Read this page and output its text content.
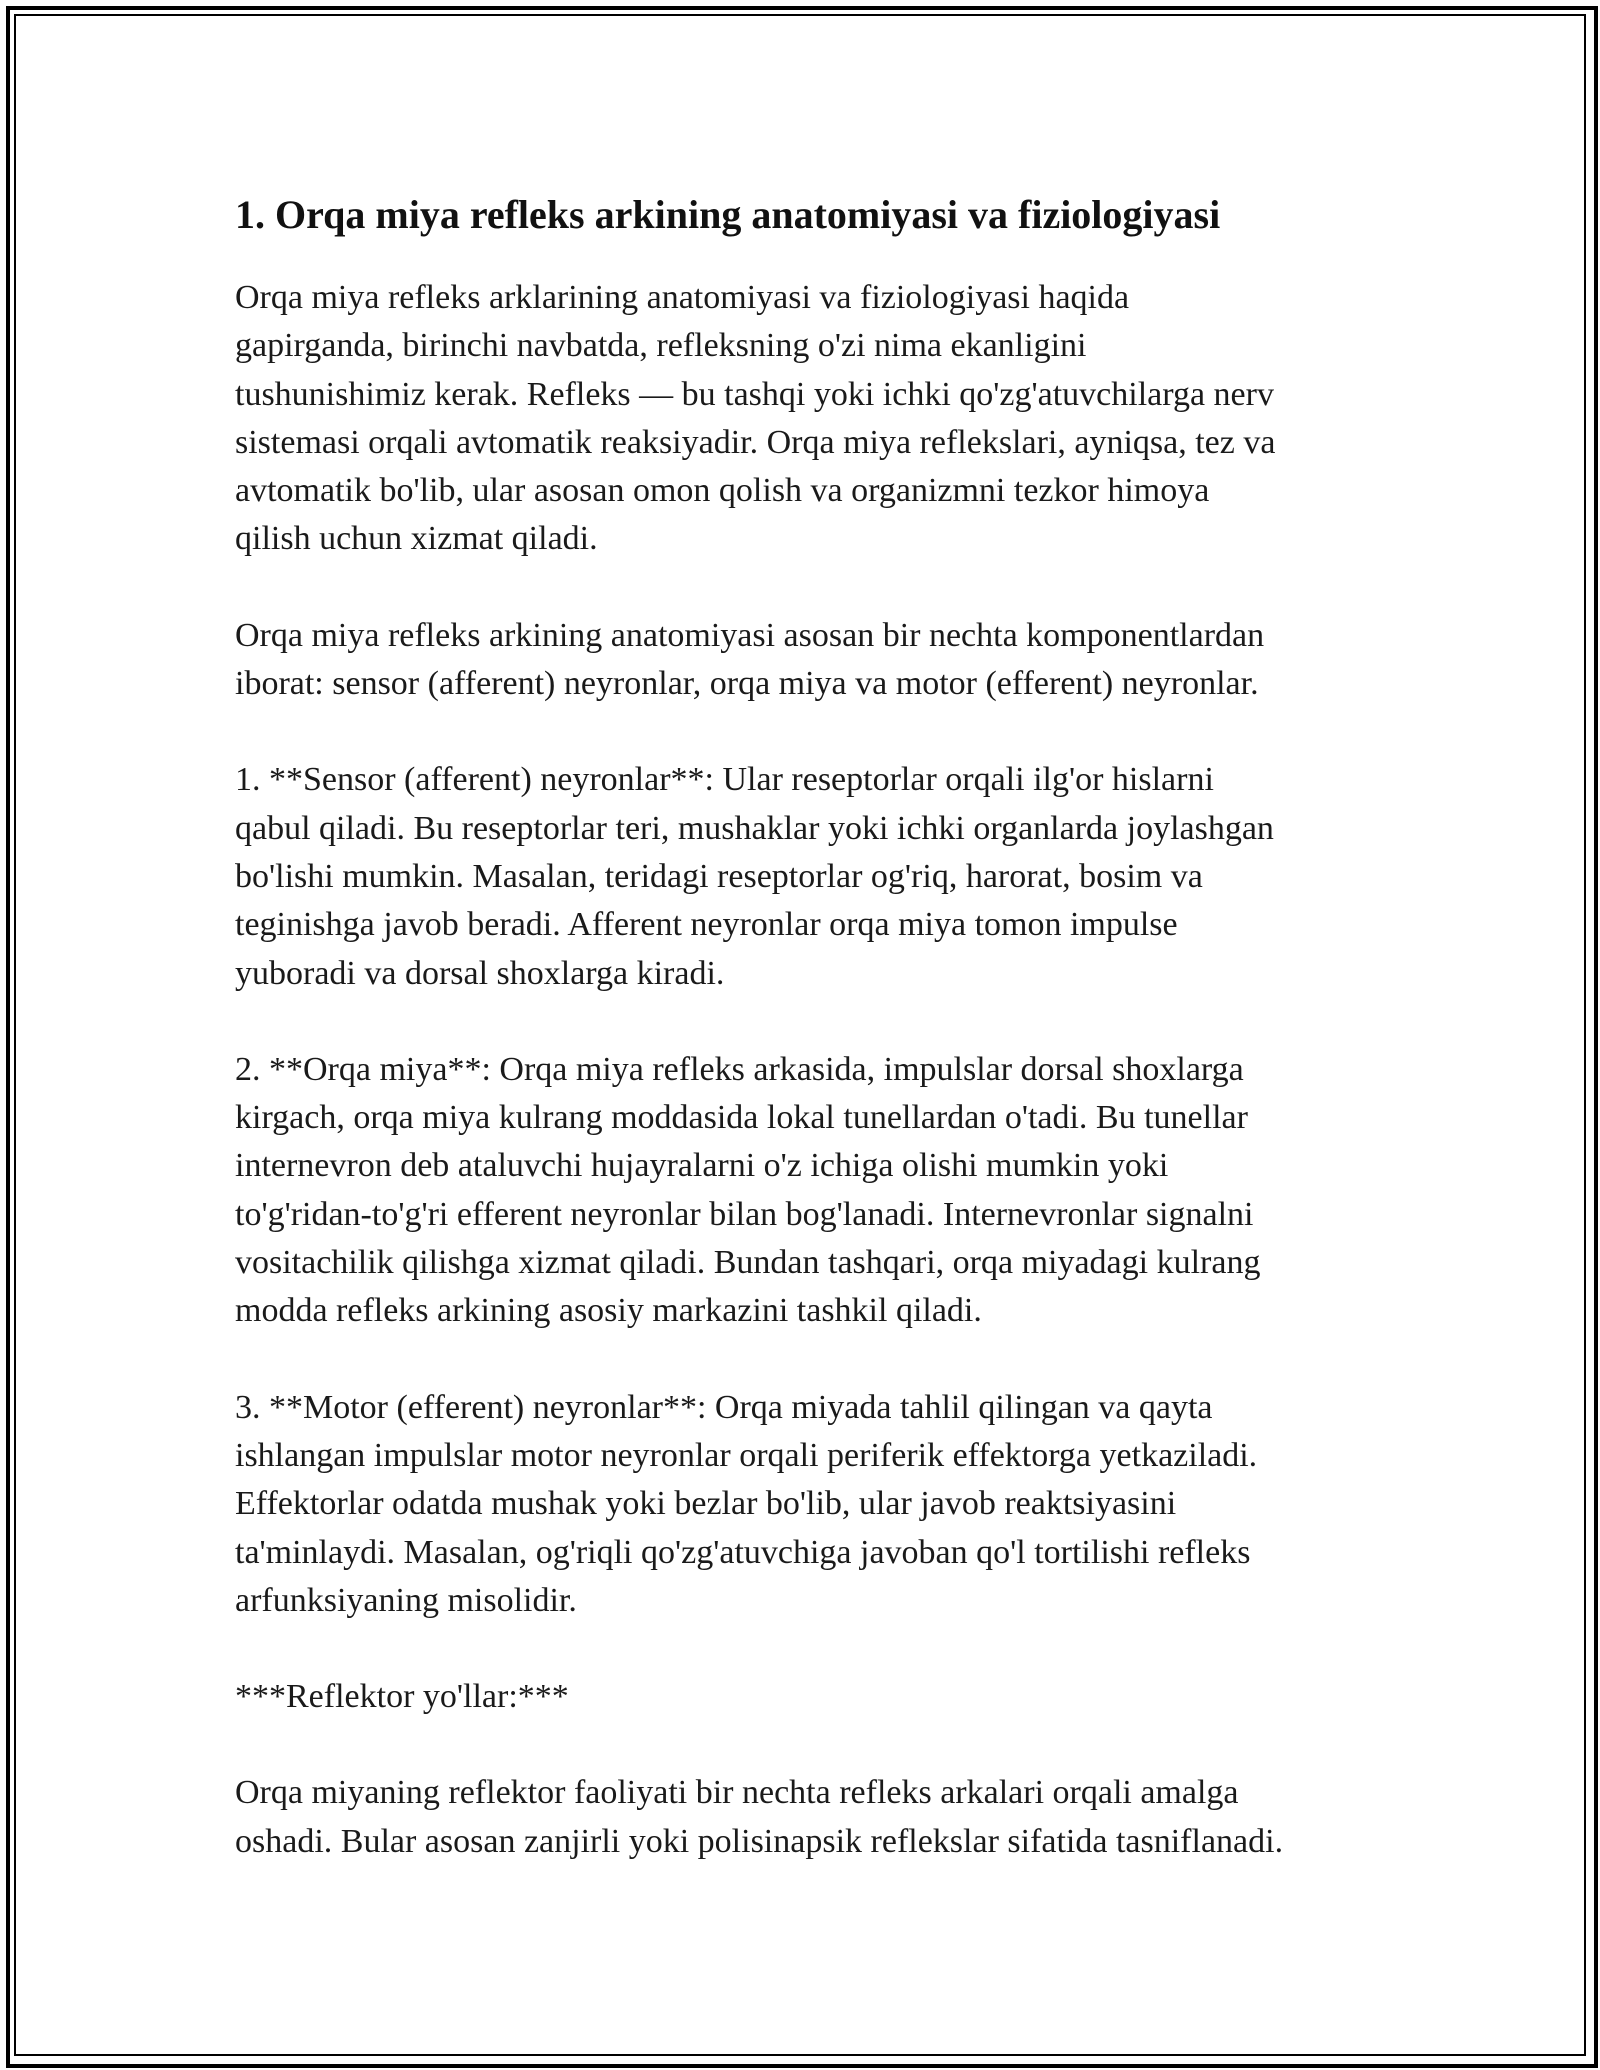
1. Orqa miya refleks arkining anatomiyasi va fiziologiyasi

Orqa miya refleks arklarining anatomiyasi va fiziologiyasi haqida
gapirganda, birinchi navbatda, refleksning o'zi nima ekanligini
tushunishimiz kerak. Refleks — bu tashqi yoki ichki qo'zg'atuvchilarga nerv
sistemasi orqali avtomatik reaksiyadir. Orqa miya reflekslari, ayniqsa, tez va
avtomatik bo'lib, ular asosan omon qolish va organizmni tezkor himoya
qilish uchun xizmat qiladi.

Orqa miya refleks arkining anatomiyasi asosan bir nechta komponentlardan
iborat: sensor (afferent) neyronlar, orqa miya va motor (efferent) neyronlar.

1. **Sensor (afferent) neyronlar**: Ular reseptorlar orqali ilg'or hislarni
qabul qiladi. Bu reseptorlar teri, mushaklar yoki ichki organlarda joylashgan
bo'lishi mumkin. Masalan, teridagi reseptorlar og'riq, harorat, bosim va
teginishga javob beradi. Afferent neyronlar orqa miya tomon impulse
yuboradi va dorsal shoxlarga kiradi.

2. **Orqa miya**: Orqa miya refleks arkasida, impulslar dorsal shoxlarga
kirgach, orqa miya kulrang moddasida lokal tunellardan o'tadi. Bu tunellar
internevron deb ataluvchi hujayralarni o'z ichiga olishi mumkin yoki
to'g'ridan-to'g'ri efferent neyronlar bilan bog'lanadi. Internevronlar signalni
vositachilik qilishga xizmat qiladi. Bundan tashqari, orqa miyadagi kulrang
modda refleks arkining asosiy markazini tashkil qiladi.

3. **Motor (efferent) neyronlar**: Orqa miyada tahlil qilingan va qayta
ishlangan impulslar motor neyronlar orqali periferik effektorga yetkaziladi.
Effektorlar odatda mushak yoki bezlar bo'lib, ular javob reaktsiyasini
ta'minlaydi. Masalan, og'riqli qo'zg'atuvchiga javoban qo'l tortilishi refleks
arfunksiyaning misolidir.

***Reflektor yo'llar:***

Orqa miyaning reflektor faoliyati bir nechta refleks arkalari orqali amalga
oshadi. Bular asosan zanjirli yoki polisinapsik reflekslar sifatida tasniflanadi.
